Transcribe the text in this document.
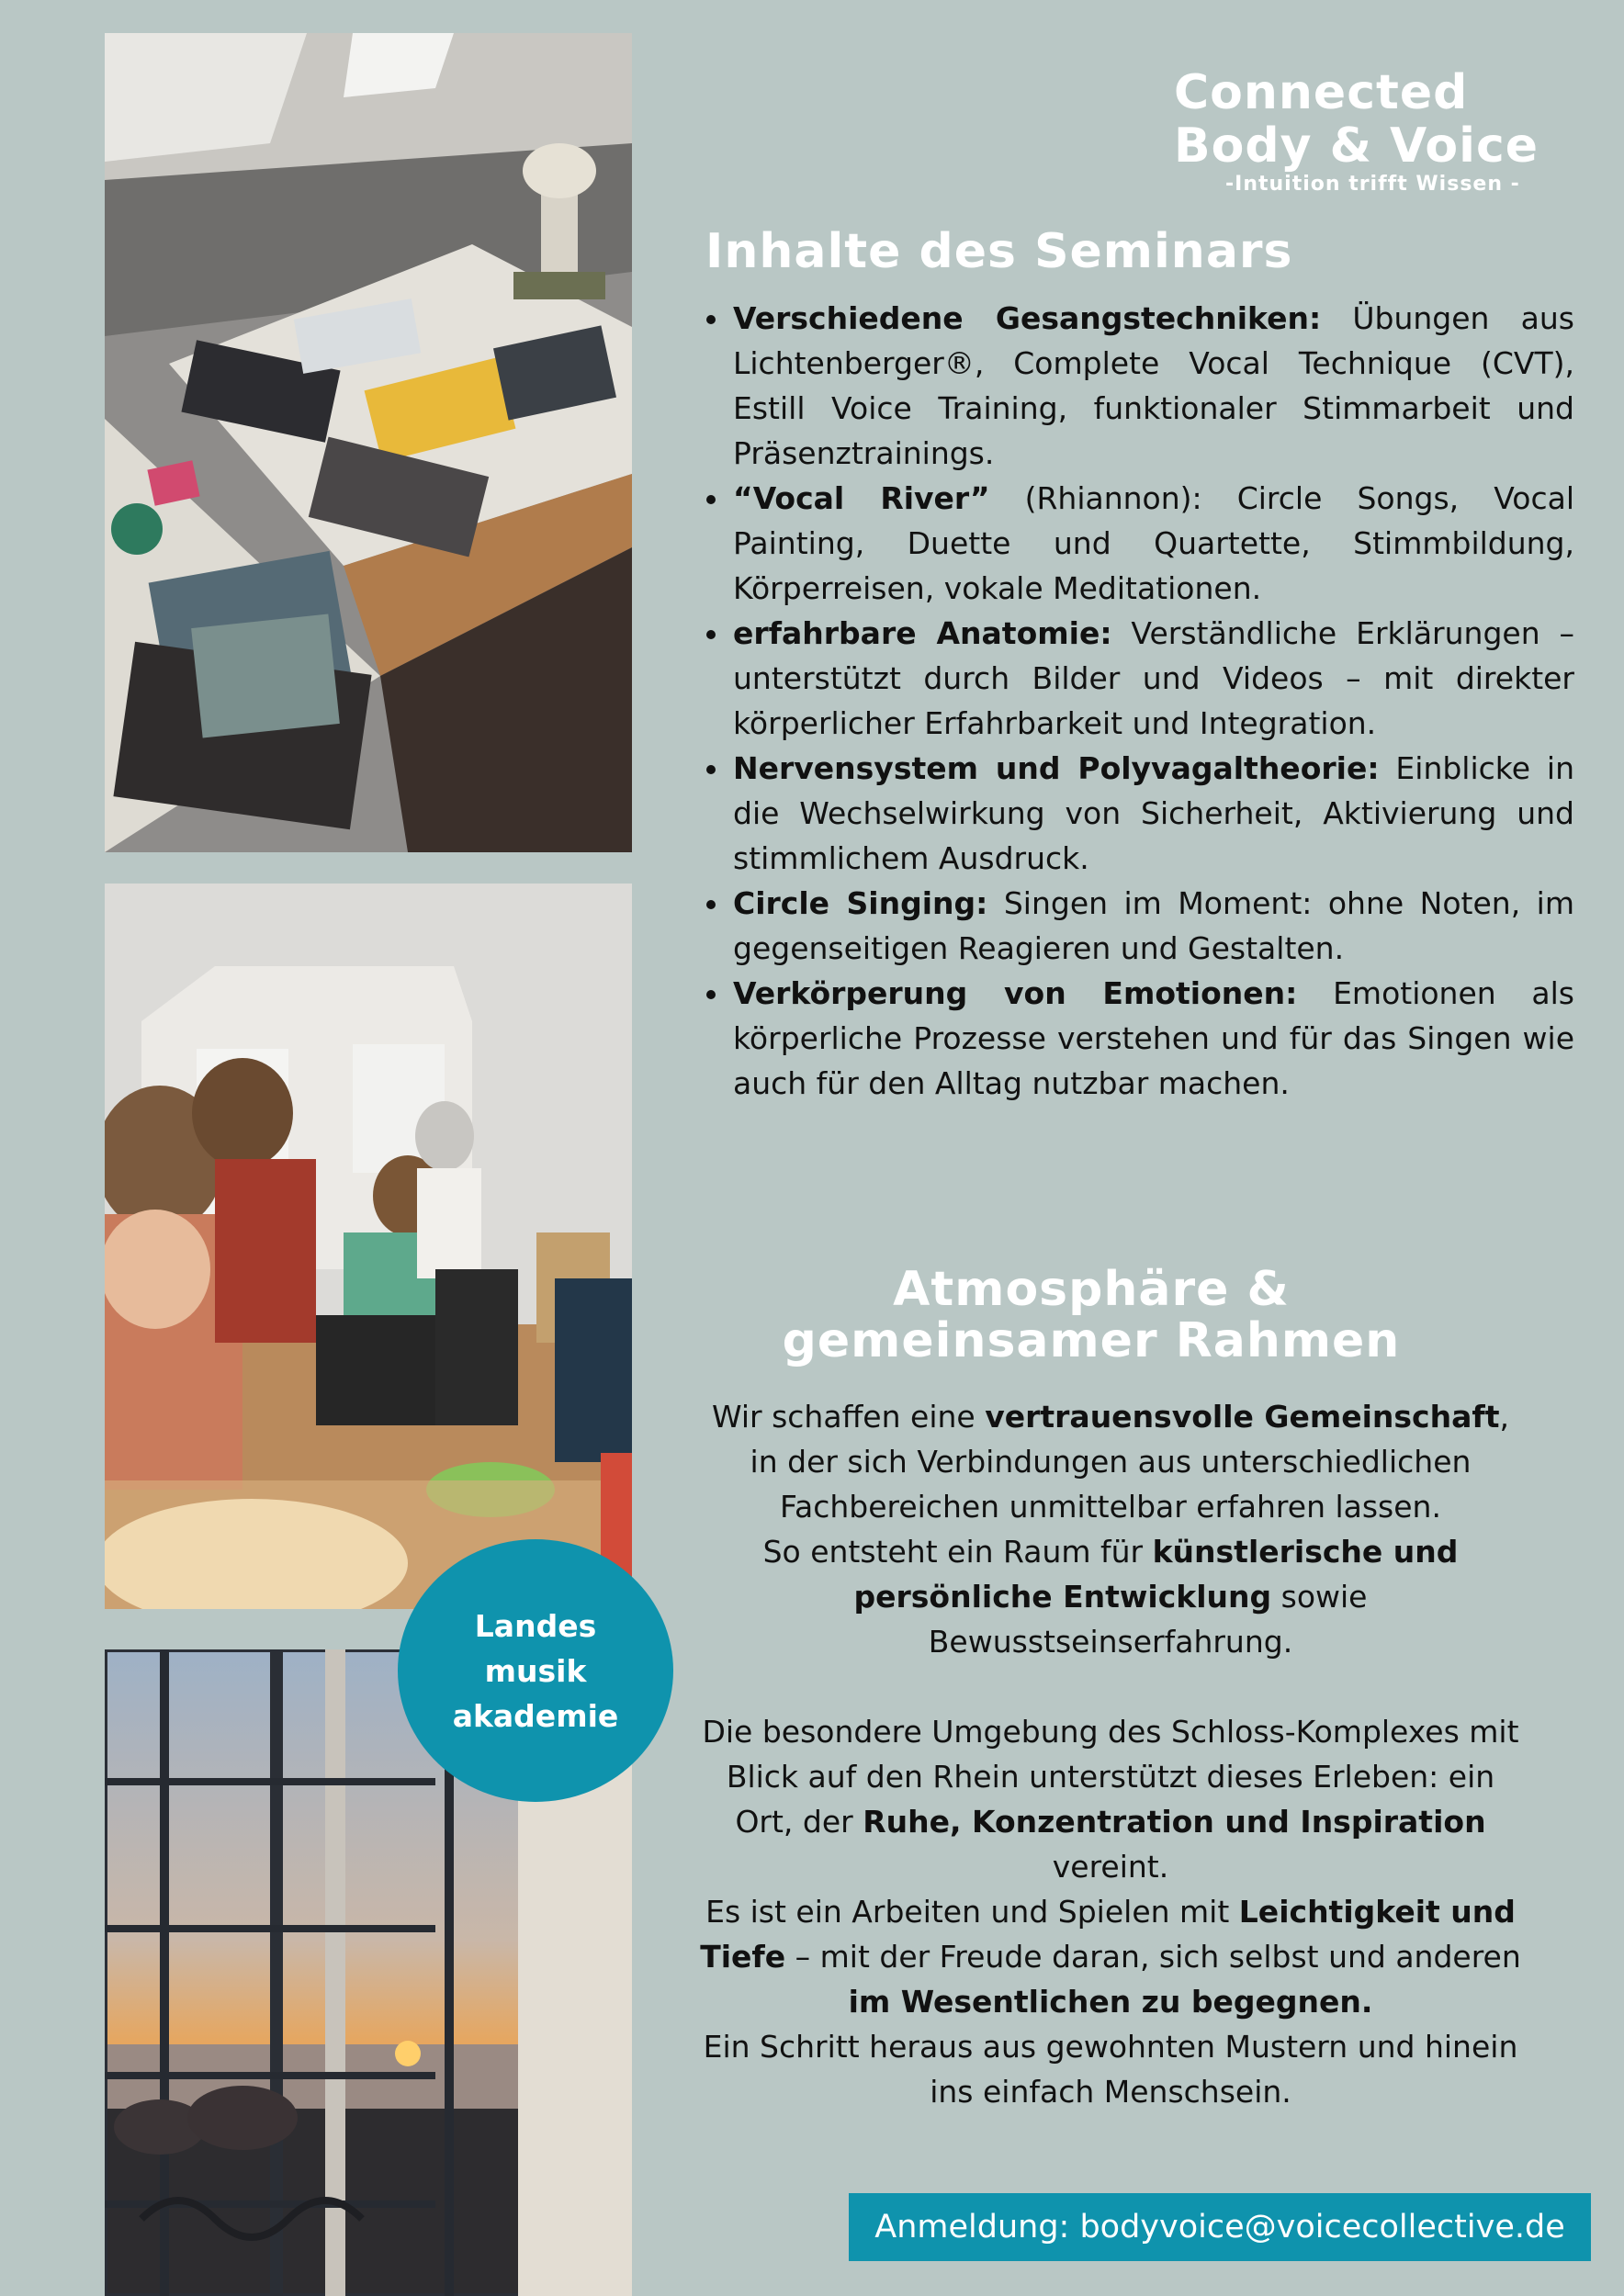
Landes
musik
akademie
Connected
Body & Voice
-Intuition trifft Wissen -
Inhalte des Seminars
• Verschiedene Gesangstechniken: Übungen aus Lichtenberger®, Complete Vocal Technique (CVT), Estill Voice Training, funktionaler Stimmarbeit und Präsenztrainings.
• “Vocal River” (Rhiannon): Circle Songs, Vocal Painting, Duette und Quartette, Stimmbildung, Körperreisen, vokale Meditationen.
• erfahrbare Anatomie: Verständliche Erklärungen – unterstützt durch Bilder und Videos – mit direkter körperlicher Erfahrbarkeit und Integration.
• Nervensystem und Polyvagaltheorie: Einblicke in die Wechselwirkung von Sicherheit, Aktivierung und stimmlichem Ausdruck.
• Circle Singing: Singen im Moment: ohne Noten, im gegenseitigen Reagieren und Gestalten.
• Verkörperung von Emotionen: Emotionen als körperliche Prozesse verstehen und für das Singen wie auch für den Alltag nutzbar machen.
Atmosphäre &
gemeinsamer Rahmen

Wir schaffen eine vertrauensvolle Gemeinschaft, in der sich Verbindungen aus unterschiedlichen Fachbereichen unmittelbar erfahren lassen.

So entsteht ein Raum für künstlerische und persönliche Entwicklung sowie Bewusstseinserfahrung.

Die besondere Umgebung des Schloss-Komplexes mit Blick auf den Rhein unterstützt dieses Erleben: ein Ort, der Ruhe, Konzentration und Inspiration vereint.

Es ist ein Arbeiten und Spielen mit Leichtigkeit und Tiefe – mit der Freude daran, sich selbst und anderen im Wesentlichen zu begegnen.

Ein Schritt heraus aus gewohnten Mustern und hinein ins einfach Menschsein.

Anmeldung: bodyvoice@voicecollective.de
